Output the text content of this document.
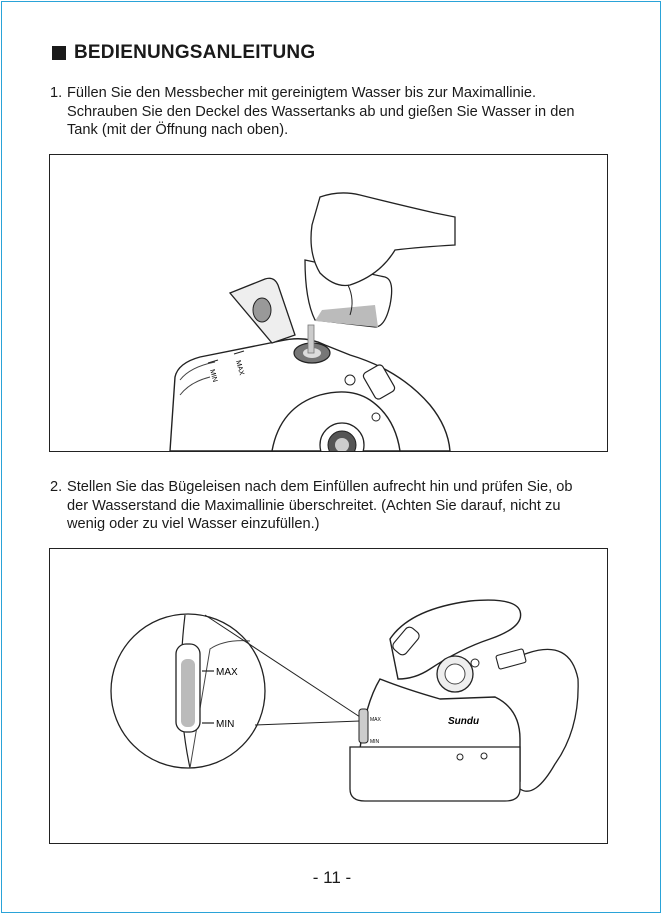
BEDIENUNGSANLEITUNG
1. Füllen Sie den Messbecher mit gereinigtem Wasser bis zur Maximallinie.
Schrauben Sie den Deckel des Wassertanks ab und gießen Sie Wasser in den
Tank (mit der Öffnung nach oben).
MIN MAX
2. Stellen Sie das Bügeleisen nach dem Einfüllen aufrecht hin und prüfen Sie, ob
der Wasserstand die Maximallinie überschreitet. (Achten Sie darauf, nicht zu
wenig oder zu viel Wasser einzufüllen.)
MAX
MIN	MAX
MIN
Sundu
- 11 -
